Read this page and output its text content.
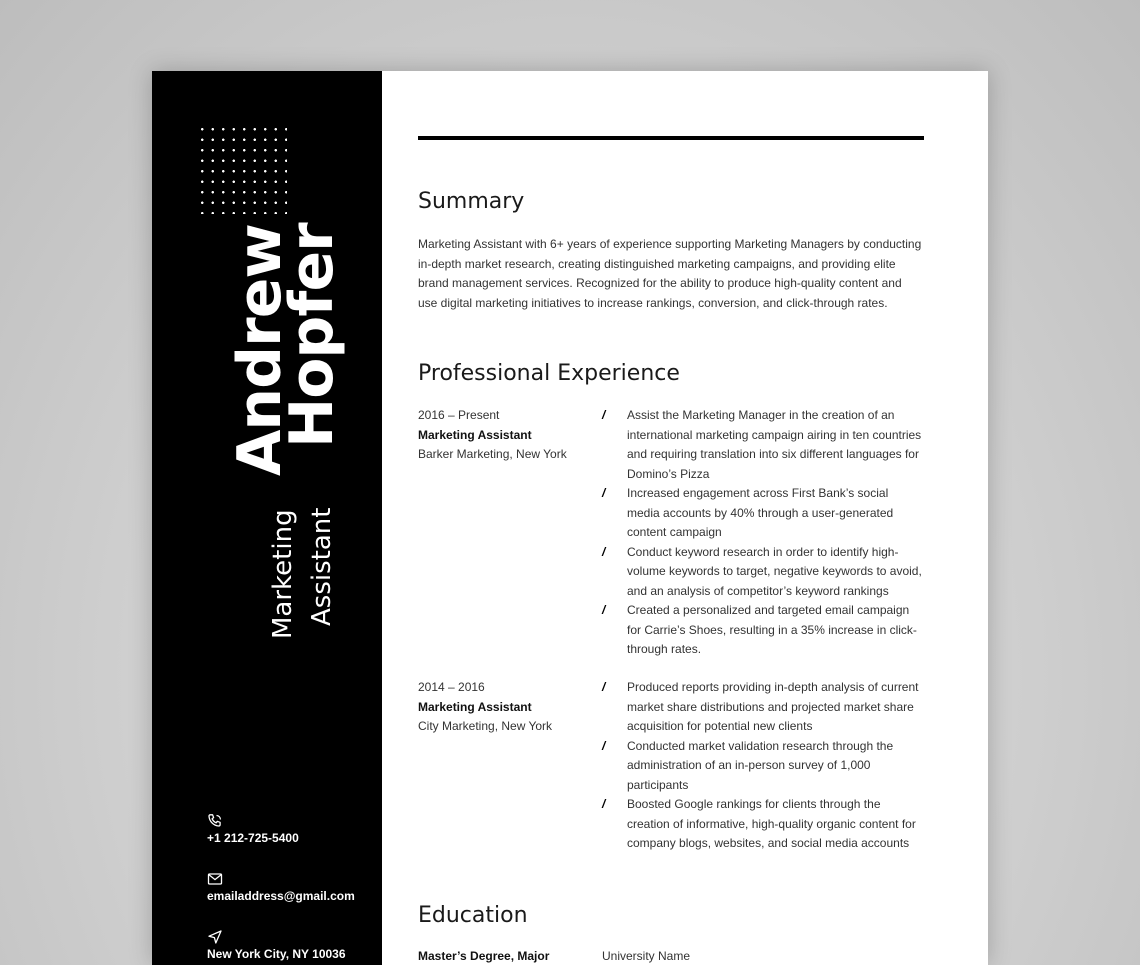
Andrew
Hopfer
Marketing Assistant
+1 212-725-5400
emailaddress@gmail.com
New York City, NY 10036
Summary
Marketing Assistant with 6+ years of experience supporting Marketing Managers by conducting in-depth market research, creating distinguished marketing campaigns, and providing elite brand management services. Recognized for the ability to produce high-quality content and use digital marketing initiatives to increase rankings, conversion, and click-through rates.
Professional Experience
2016 – Present
Marketing Assistant
Barker Marketing, New York
/ Assist the Marketing Manager in the creation of an international marketing campaign airing in ten countries and requiring translation into six different languages for Domino’s Pizza
/ Increased engagement across First Bank’s social media accounts by 40% through a user-generated content campaign
/ Conduct keyword research in order to identify high-volume keywords to target, negative keywords to avoid, and an analysis of competitor’s keyword rankings
/ Created a personalized and targeted email campaign for Carrie’s Shoes, resulting in a 35% increase in click-through rates.
2014 – 2016
Marketing Assistant
City Marketing, New York
/ Produced reports providing in-depth analysis of current market share distributions and projected market share acquisition for potential new clients
/ Conducted market validation research through the administration of an in-person survey of 1,000 participants
/ Boosted Google rankings for clients through the creation of informative, high-quality organic content for company blogs, websites, and social media accounts
Education
Master’s Degree, Major	University Name
